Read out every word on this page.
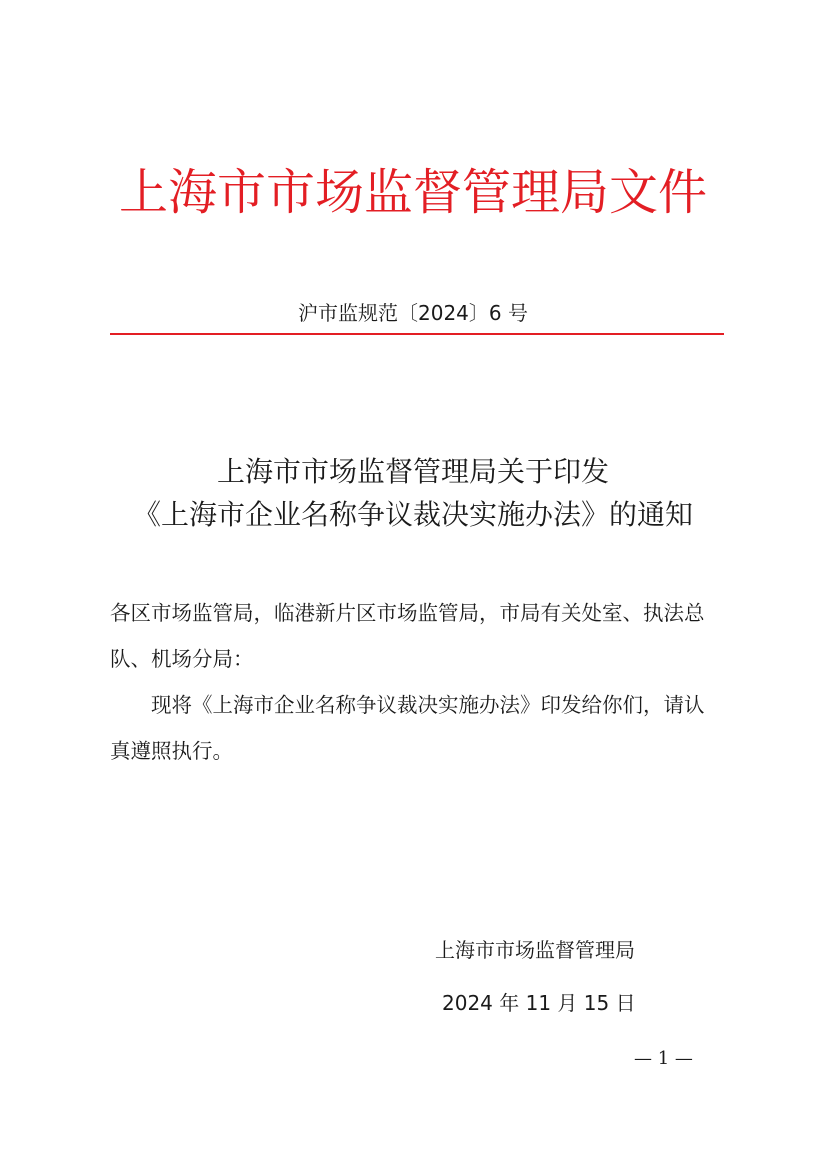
上海市市场监督管理局文件
沪市监规范〔2024〕6 号
上海市市场监督管理局关于印发
《上海市企业名称争议裁决实施办法》的通知

各区市场监管局，临港新片区市场监管局，市局有关处室、执法总队、机场分局：

现将《上海市企业名称争议裁决实施办法》印发给你们，请认真遵照执行。

上海市市场监督管理局
2024 年 11 月 15 日
— 1 —
